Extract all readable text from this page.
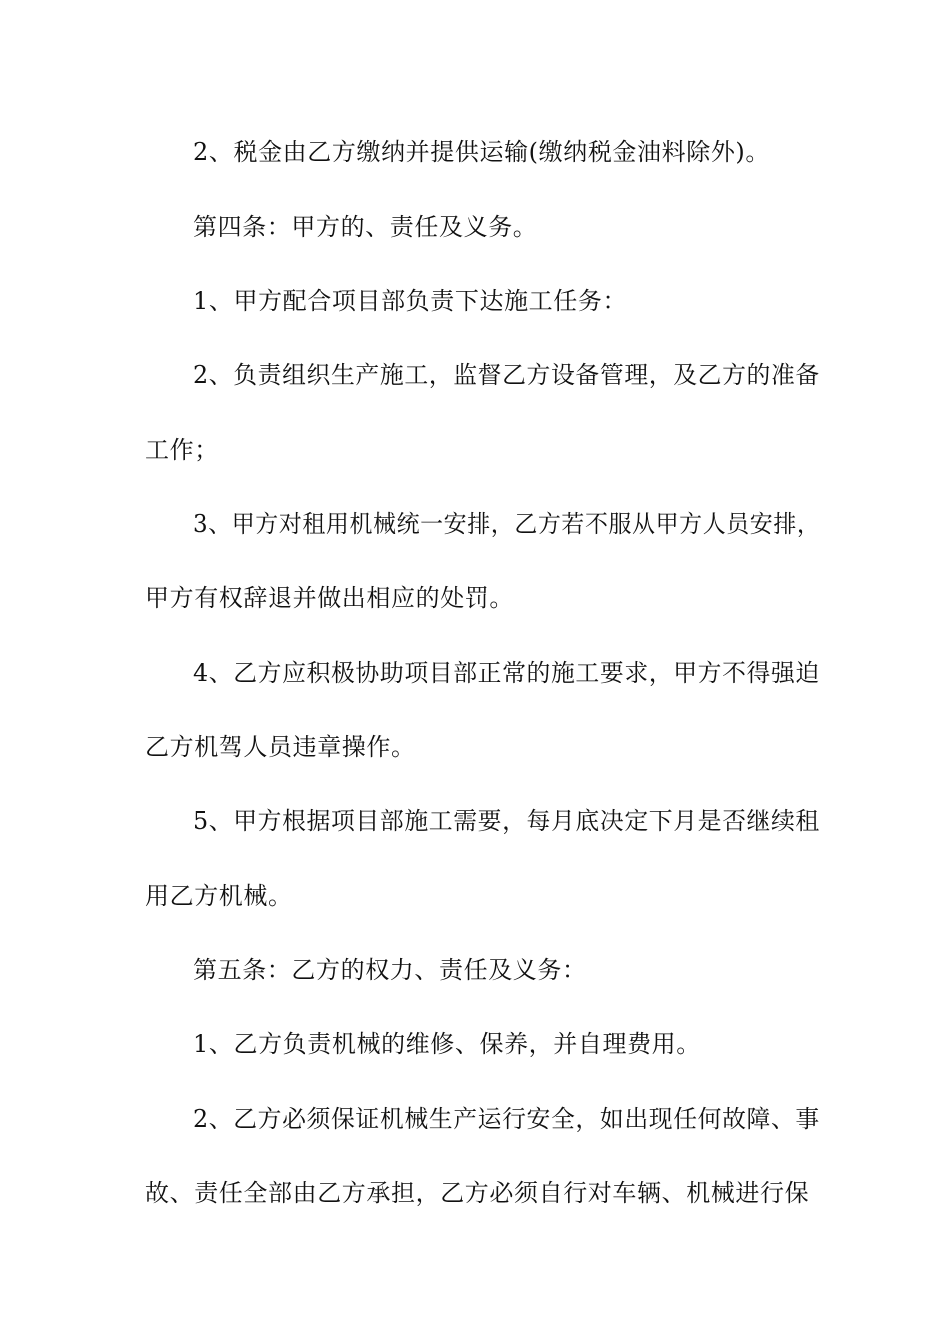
2、税金由乙方缴纳并提供运输(缴纳税金油料除外)。
第四条：甲方的、责任及义务。
1、甲方配合项目部负责下达施工任务：
2、负责组织生产施工，监督乙方设备管理，及乙方的准备
工作；
3、甲方对租用机械统一安排，乙方若不服从甲方人员安排，
甲方有权辞退并做出相应的处罚。
4、乙方应积极协助项目部正常的施工要求，甲方不得强迫
乙方机驾人员违章操作。
5、甲方根据项目部施工需要，每月底决定下月是否继续租
用乙方机械。
第五条：乙方的权力、责任及义务：
1、乙方负责机械的维修、保养，并自理费用。
2、乙方必须保证机械生产运行安全，如出现任何故障、事
故、责任全部由乙方承担，乙方必须自行对车辆、机械进行保
